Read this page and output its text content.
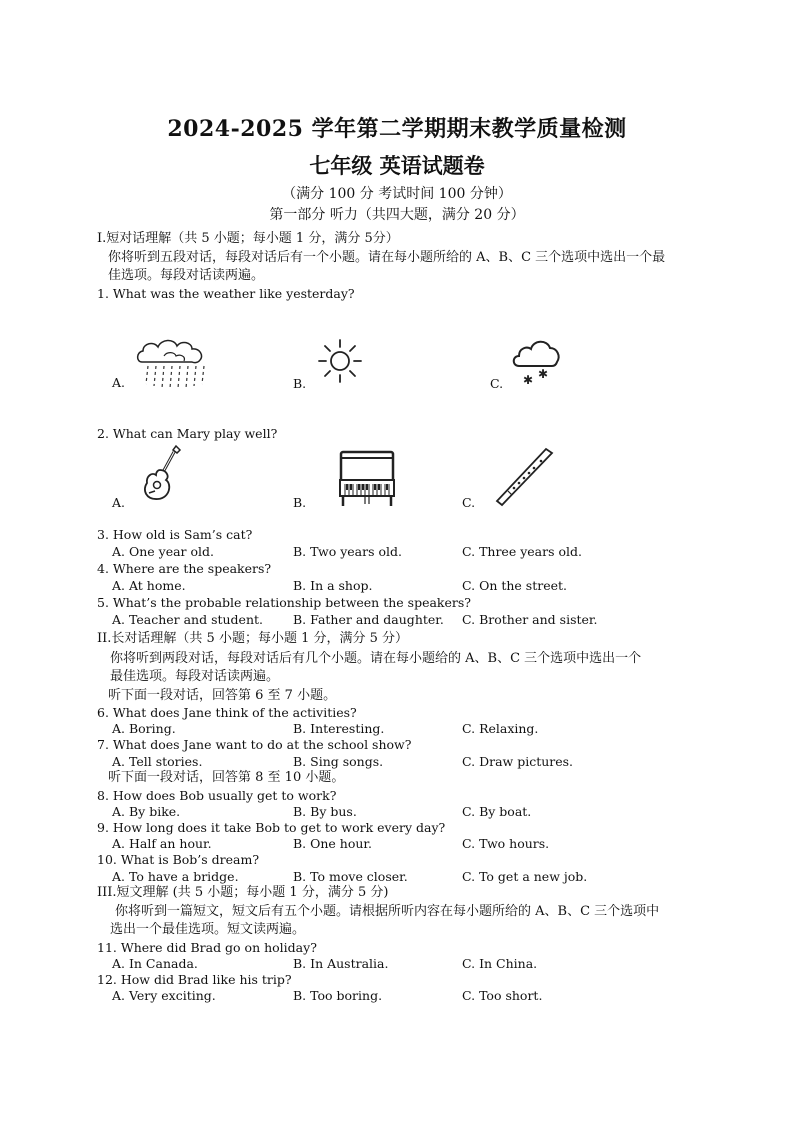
2024-2025 学年第二学期期末教学质量检测
七年级 英语试题卷
（满分 100 分 考试时间 100 分钟）
第一部分 听力（共四大题，满分 20 分）
I.短对话理解（共 5 小题；每小题 1 分，满分 5分）
你将听到五段对话，每段对话后有一个小题。请在每小题所给的 A、B、C 三个选项中选出一个最
佳选项。每段对话读两遍。
1. What was the weather like yesterday?
A.	B.	C. ✱ ✱
2. What can Mary play well?
A.	B.	C.
3. How old is Sam’s cat?
A. One year old.	B. Two years old.	C. Three years old.
4. Where are the speakers?
A. At home.	B. In a shop.	C. On the street.
5. What’s the probable relationship between the speakers?
A. Teacher and student. B. Father and daughter. C. Brother and sister.
II.长对话理解（共 5 小题；每小题 1 分，满分 5 分）
你将听到两段对话，每段对话后有几个小题。请在每小题给的 A、B、C 三个选项中选出一个
最佳选项。每段对话读两遍。
听下面一段对话，回答第 6 至 7 小题。
6. What does Jane think of the activities?
A. Boring.	B. Interesting.	C. Relaxing.
7. What does Jane want to do at the school show?
A. Tell stories.	B. Sing songs.	C. Draw pictures.
听下面一段对话，回答第 8 至 10 小题。
8. How does Bob usually get to work?
A. By bike.	B. By bus.	C. By boat.
9. How long does it take Bob to get to work every day?
A. Half an hour.	B. One hour.	C. Two hours.
10. What is Bob’s dream?
A. To have a bridge.	B. To move closer.	C. To get a new job.
III.短文理解 (共 5 小题；每小题 1 分，满分 5 分)
你将听到一篇短文，短文后有五个小题。请根据所听内容在每小题所给的 A、B、C 三个选项中
选出一个最佳选项。短文读两遍。
11. Where did Brad go on holiday?
A. In Canada.	B. In Australia.	C. In China.
12. How did Brad like his trip?
A. Very exciting.	B. Too boring.	C. Too short.
